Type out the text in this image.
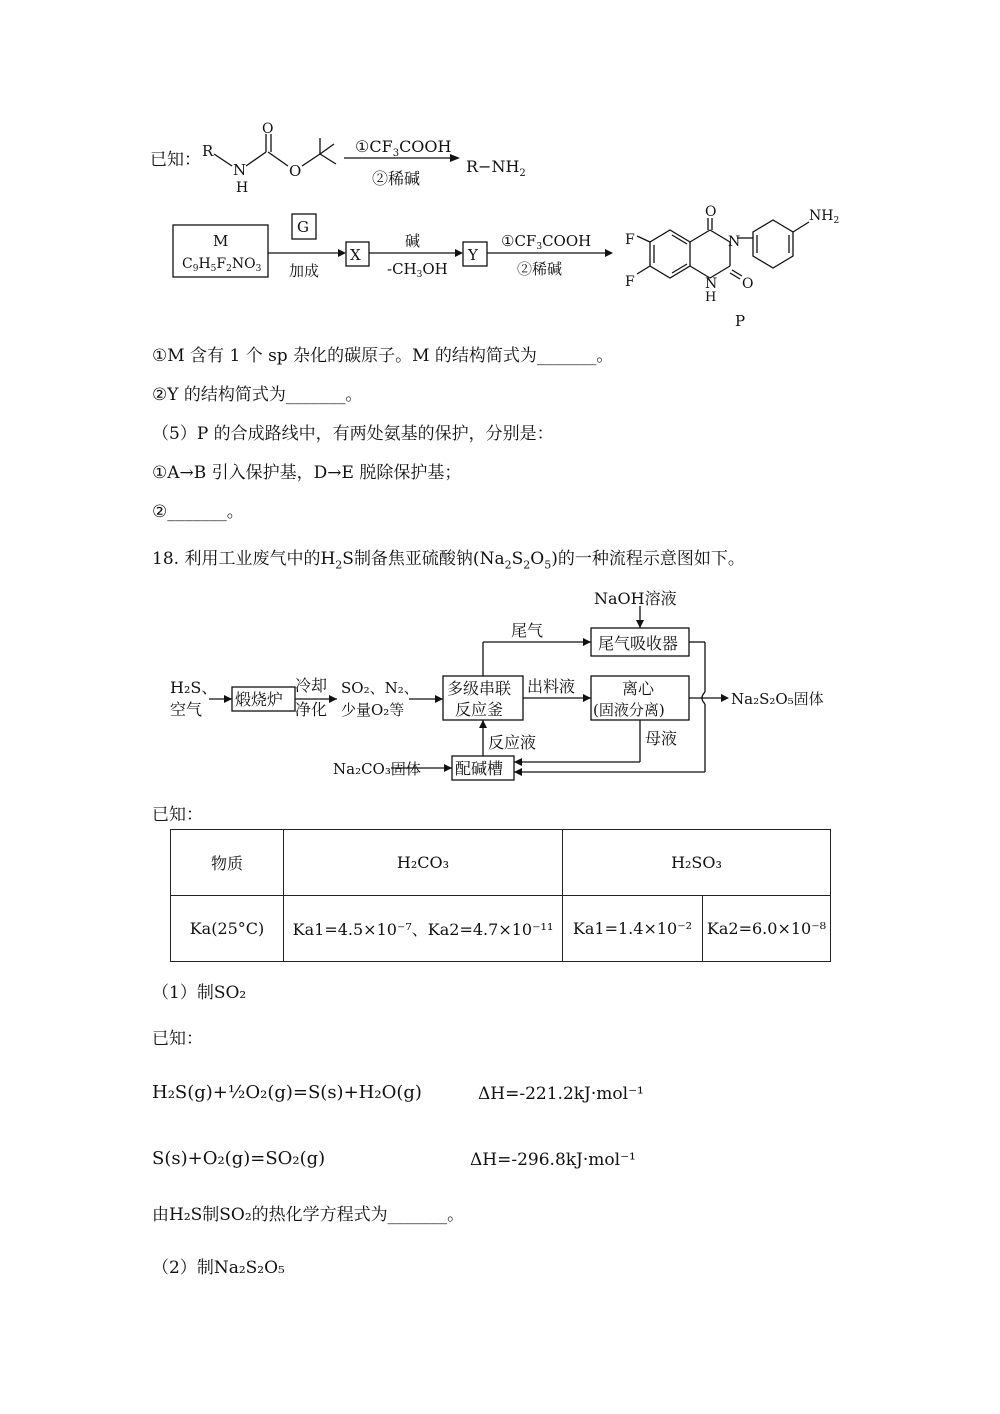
已知： R
N
H
O
O
$①CF_3COOH$
②稀碱
$R-NH_2$
M
$C_9H_5F_2NO_3$
G
加成
X
碱
$-CH_3OH$
Y
$①CF_3COOH$
②稀碱
O
O
N
N
H
F
F
$NH_2$
P
①M 含有 1 个 sp 杂化的碳原子。M 的结构简式为_______。
②Y 的结构简式为_______。
（5）P 的合成路线中，有两处氨基的保护，分别是：
①A→B 引入保护基，D→E 脱除保护基；
②_______。
18. 利用工业废气中的$H_2S$制备焦亚硫酸钠$(Na_2S_2O_5)$的一种流程示意图如下。
NaOH溶液
尾气
尾气吸收器
H₂S、
空气
煅烧炉
冷却
净化
SO₂、N₂、
少量O₂等
多级串联
反应釜
出料液	离心
(固液分离)
Na₂S₂O₅固体
反应液	母液
Na₂CO₃固体 配碱槽
已知：
物质	H₂CO₃	H₂SO₃	
Ka(25°C)	Ka1=4.5×10⁻⁷、Ka2=4.7×10⁻¹¹	Ka1=1.4×10⁻²	Ka2=6.0×10⁻⁸
（1）制SO₂
已知：
H₂S(g)+½O₂(g)=S(s)+H₂O(g)	ΔH=-221.2kJ·mol⁻¹
S(s)+O₂(g)=SO₂(g)	ΔH=-296.8kJ·mol⁻¹
由H₂S制SO₂的热化学方程式为_______。
（2）制Na₂S₂O₅
